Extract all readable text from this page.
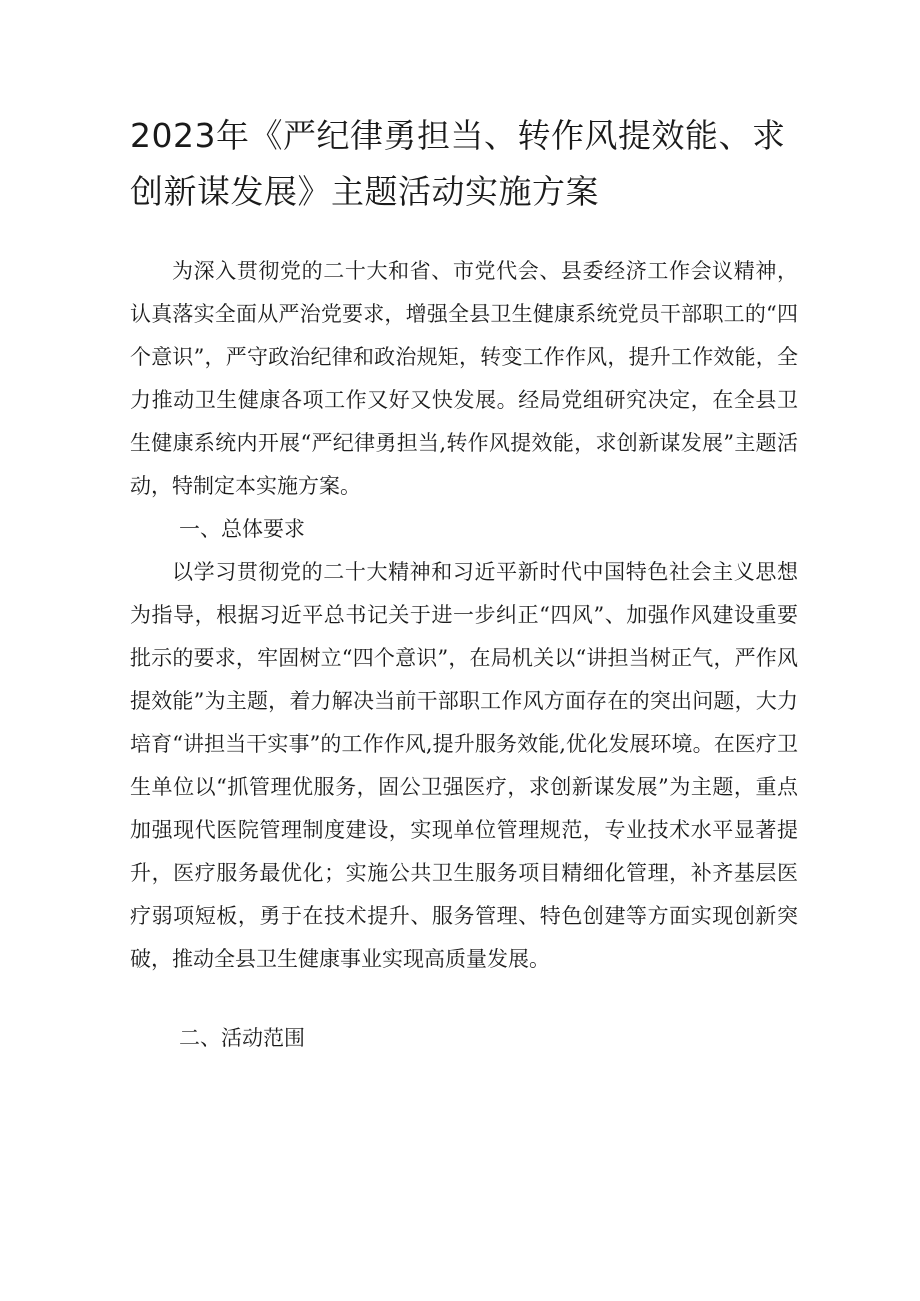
2023年《严纪律勇担当、转作风提效能、求创新谋发展》主题活动实施方案

为深入贯彻党的二十大和省、市党代会、县委经济工作会议精神，认真落实全面从严治党要求，增强全县卫生健康系统党员干部职工的“四个意识”，严守政治纪律和政治规矩，转变工作作风，提升工作效能，全力推动卫生健康各项工作又好又快发展。经局党组研究决定，在全县卫生健康系统内开展“严纪律勇担当,转作风提效能，求创新谋发展”主题活动，特制定本实施方案。

一、总体要求

以学习贯彻党的二十大精神和习近平新时代中国特色社会主义思想为指导，根据习近平总书记关于进一步纠正“四风”、加强作风建设重要批示的要求，牢固树立“四个意识”，在局机关以“讲担当树正气，严作风提效能”为主题，着力解决当前干部职工作风方面存在的突出问题，大力培育“讲担当干实事”的工作作风,提升服务效能,优化发展环境。在医疗卫生单位以“抓管理优服务，固公卫强医疗，求创新谋发展”为主题，重点加强现代医院管理制度建设，实现单位管理规范，专业技术水平显著提升，医疗服务最优化；实施公共卫生服务项目精细化管理，补齐基层医疗弱项短板，勇于在技术提升、服务管理、特色创建等方面实现创新突破，推动全县卫生健康事业实现高质量发展。

二、活动范围
